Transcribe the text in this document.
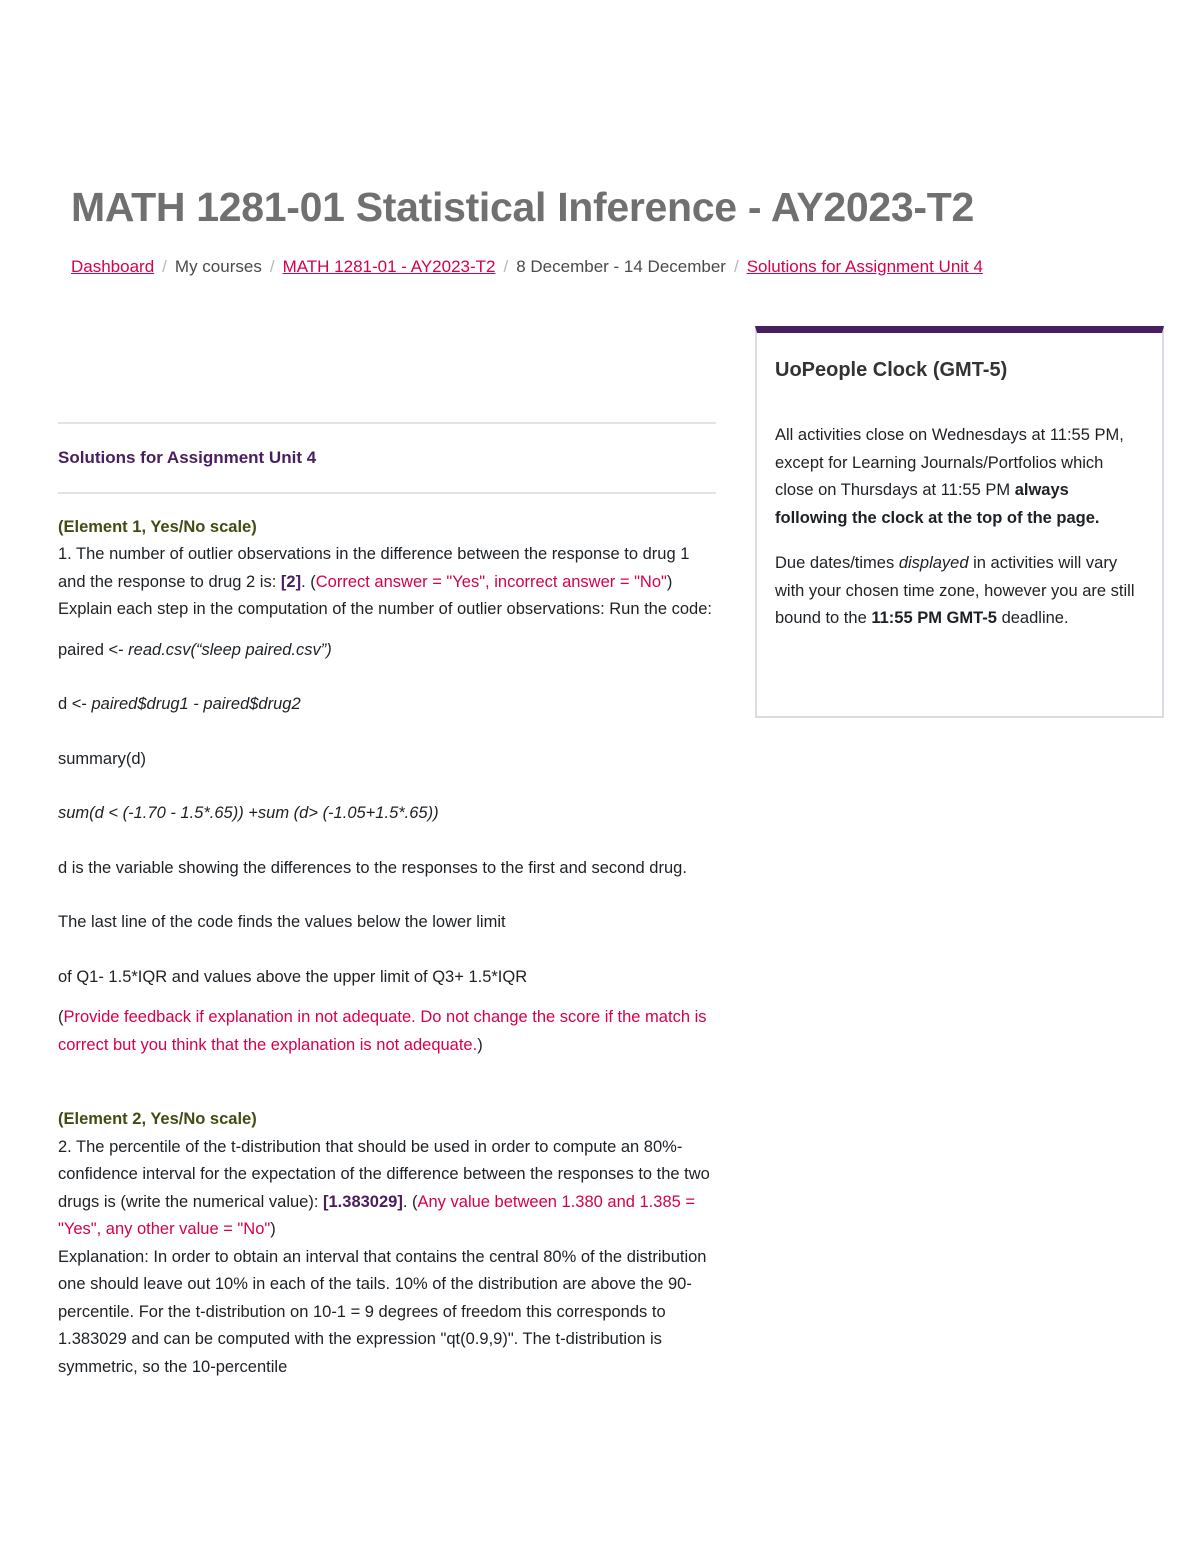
MATH 1281-01 Statistical Inference - AY2023-T2
Dashboard / My courses / MATH 1281-01 - AY2023-T2 / 8 December - 14 December / Solutions for Assignment Unit 4
Solutions for Assignment Unit 4
(Element 1, Yes/No scale)

1. The number of outlier observations in the difference between the response to drug 1 and the response to drug 2 is: [2]. (Correct answer = "Yes", incorrect answer = "No")

Explain each step in the computation of the number of outlier observations: Run the code:

paired <- read.csv(“sleep paired.csv”)

d <- paired$drug1 - paired$drug2

summary(d)

sum(d < (-1.70 - 1.5*.65)) +sum (d> (-1.05+1.5*.65))

d is the variable showing the differences to the responses to the first and second drug.

The last line of the code finds the values below the lower limit

of Q1- 1.5*IQR and values above the upper limit of Q3+ 1.5*IQR

(Provide feedback if explanation in not adequate. Do not change the score if the match is correct but you think that the explanation is not adequate.)

(Element 2, Yes/No scale)

2. The percentile of the t-distribution that should be used in order to compute an 80%-confidence interval for the expectation of the difference between the responses to the two drugs is (write the numerical value): [1.383029]. (Any value between 1.380 and 1.385 = "Yes", any other value = "No")

Explanation: In order to obtain an interval that contains the central 80% of the distribution one should leave out 10% in each of the tails. 10% of the distribution are above the 90-percentile. For the t-distribution on 10-1 = 9 degrees of freedom this corresponds to 1.383029 and can be computed with the expression "qt(0.9,9)". The t-distribution is symmetric, so the 10-percentile

UoPeople Clock (GMT-5)

All activities close on Wednesdays at 11:55 PM, except for Learning Journals/Portfolios which close on Thursdays at 11:55 PM always following the clock at the top of the page.

Due dates/times displayed in activities will vary with your chosen time zone, however you are still bound to the 11:55 PM GMT-5 deadline.
